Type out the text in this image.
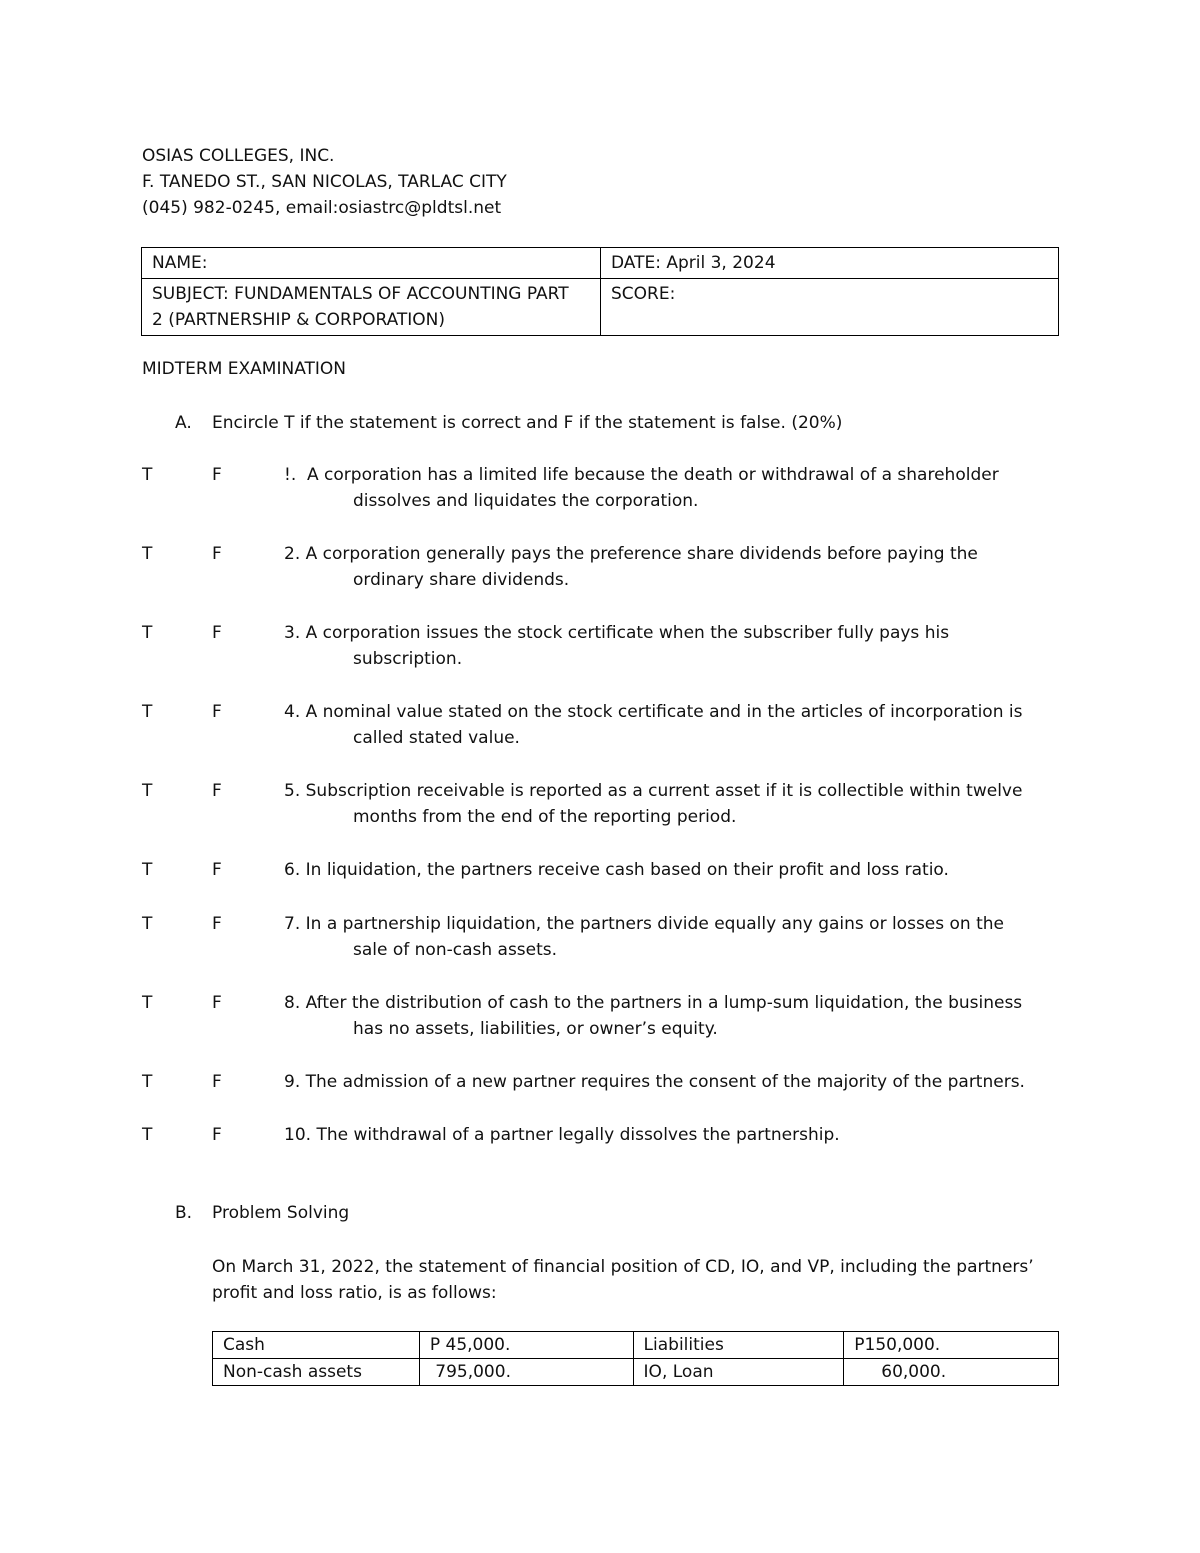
OSIAS COLLEGES, INC.
F. TANEDO ST., SAN NICOLAS, TARLAC CITY
(045) 982-0245, email:osiastrc@pldtsl.net
NAME:	DATE: April 3, 2024

SUBJECT: FUNDAMENTALS OF ACCOUNTING PART
2 (PARTNERSHIP & CORPORATION)	SCORE:
MIDTERM EXAMINATION
A. Encircle T if the statement is correct and F if the statement is false. (20%)
T	F	!.  A corporation has a limited life because the death or withdrawal of a shareholder
dissolves and liquidates the corporation.
T	F	2. A corporation generally pays the preference share dividends before paying the
ordinary share dividends.
T	F	3. A corporation issues the stock certificate when the subscriber fully pays his
subscription.
T	F	4. A nominal value stated on the stock certificate and in the articles of incorporation is
called stated value.
T	F	5. Subscription receivable is reported as a current asset if it is collectible within twelve
months from the end of the reporting period.
T	F	6. In liquidation, the partners receive cash based on their profit and loss ratio.
T	F	7. In a partnership liquidation, the partners divide equally any gains or losses on the
sale of non-cash assets.
T	F	8. After the distribution of cash to the partners in a lump-sum liquidation, the business
has no assets, liabilities, or owner’s equity.
T	F	9. The admission of a new partner requires the consent of the majority of the partners.
T	F	10. The withdrawal of a partner legally dissolves the partnership.
B. Problem Solving
On March 31, 2022, the statement of financial position of CD, IO, and VP, including the partners’
profit and loss ratio, is as follows:
Cash	P 45,000.	Liabilities	P150,000.
Non-cash assets	795,000.	IO, Loan	60,000.
